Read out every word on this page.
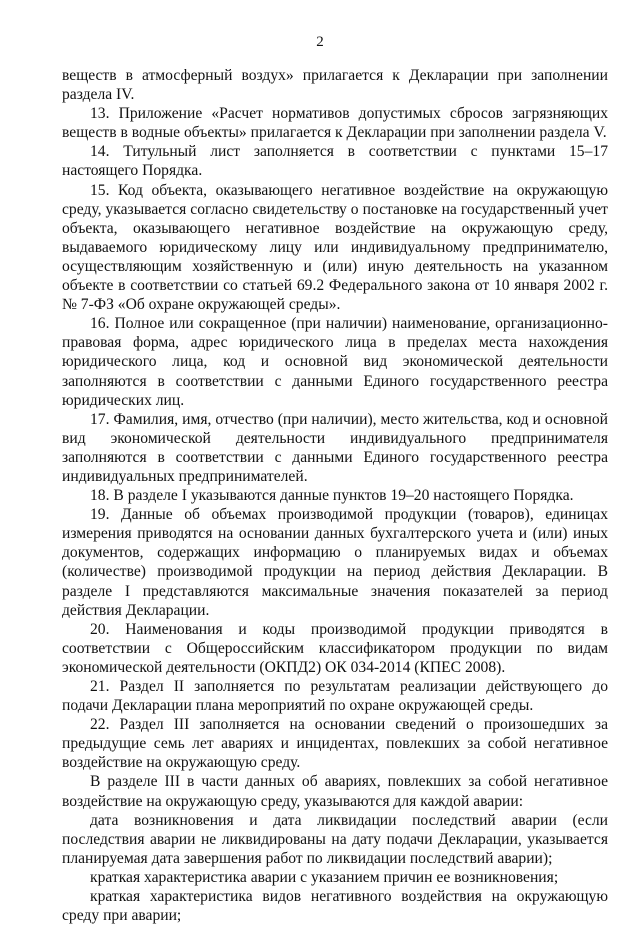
2

веществ в атмосферный воздух» прилагается к Декларации при заполнении раздела IV.

13. Приложение «Расчет нормативов допустимых сбросов загрязняющих веществ в водные объекты» прилагается к Декларации при заполнении раздела V.

14. Титульный лист заполняется в соответствии с пунктами 15–17 настоящего Порядка.

15. Код объекта, оказывающего негативное воздействие на окружающую среду, указывается согласно свидетельству о постановке на государственный учет объекта, оказывающего негативное воздействие на окружающую среду, выдаваемого юридическому лицу или индивидуальному предпринимателю, осуществляющим хозяйственную и (или) иную деятельность на указанном объекте в соответствии со статьей 69.2 Федерального закона от 10 января 2002 г. № 7-ФЗ «Об охране окружающей среды».

16. Полное или сокращенное (при наличии) наименование, организационно-правовая форма, адрес юридического лица в пределах места нахождения юридического лица, код и основной вид экономической деятельности заполняются в соответствии с данными Единого государственного реестра юридических лиц.

17. Фамилия, имя, отчество (при наличии), место жительства, код и основной вид экономической деятельности индивидуального предпринимателя заполняются в соответствии с данными Единого государственного реестра индивидуальных предпринимателей.

18. В разделе I указываются данные пунктов 19–20 настоящего Порядка.

19. Данные об объемах производимой продукции (товаров), единицах измерения приводятся на основании данных бухгалтерского учета и (или) иных документов, содержащих информацию о планируемых видах и объемах (количестве) производимой продукции на период действия Декларации. В разделе I представляются максимальные значения показателей за период действия Декларации.

20. Наименования и коды производимой продукции приводятся в соответствии с Общероссийским классификатором продукции по видам экономической деятельности (ОКПД2) ОК 034-2014 (КПЕС 2008).

21. Раздел II заполняется по результатам реализации действующего до подачи Декларации плана мероприятий по охране окружающей среды.

22. Раздел III заполняется на основании сведений о произошедших за предыдущие семь лет авариях и инцидентах, повлекших за собой негативное воздействие на окружающую среду.

В разделе III в части данных об авариях, повлекших за собой негативное воздействие на окружающую среду, указываются для каждой аварии:

дата возникновения и дата ликвидации последствий аварии (если последствия аварии не ликвидированы на дату подачи Декларации, указывается планируемая дата завершения работ по ликвидации последствий аварии);

краткая характеристика аварии с указанием причин ее возникновения;

краткая характеристика видов негативного воздействия на окружающую среду при аварии;
